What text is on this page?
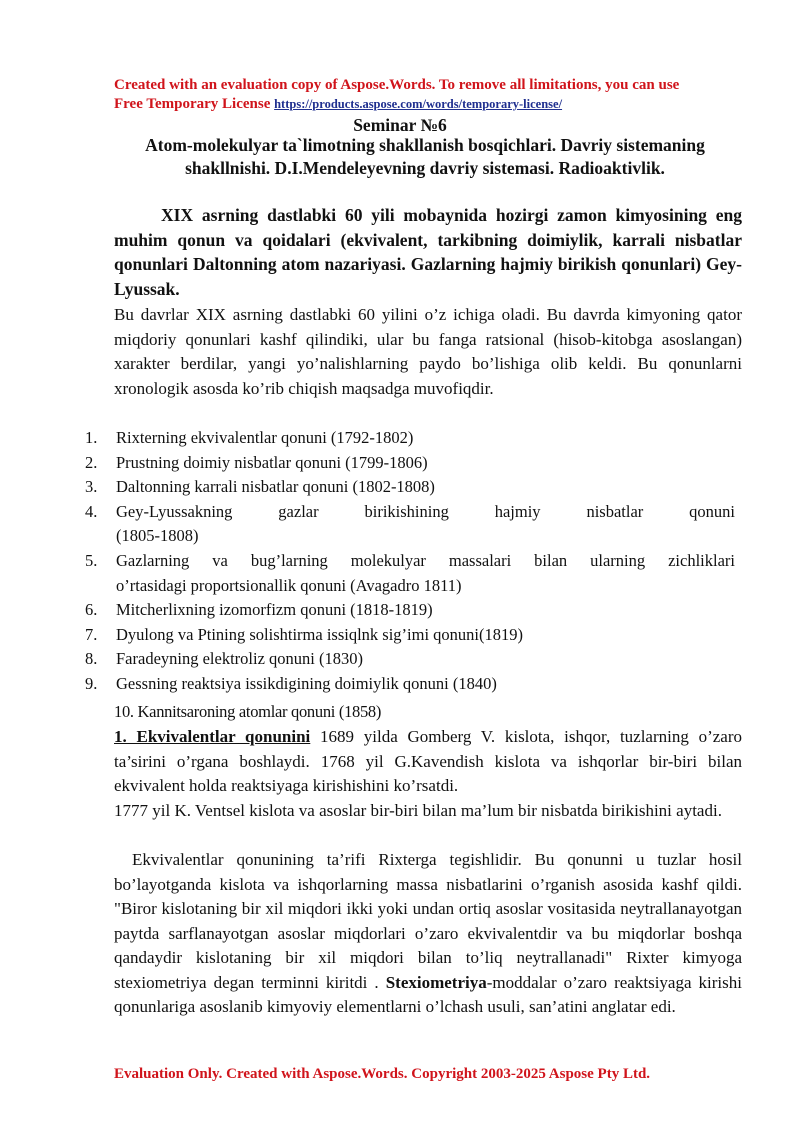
Created with an evaluation copy of Aspose.Words. To remove all limitations, you can use
Free Temporary License https://products.aspose.com/words/temporary-license/
Seminar №6
Atom-molekulyar ta`limotning shakllanish bosqichlari. Davriy sistemaning
shakllnishi. D.I.Mendeleyevning davriy sistemasi. Radioaktivlik.
XIX asrning dastlabki 60 yili mobaynida hozirgi zamon kimyosining eng muhim qonun va qoidalari (ekvivalent, tarkibning doimiylik, karrali nisbatlar qonunlari Daltonning atom nazariyasi. Gazlarning hajmiy birikish qonunlari) Gey-Lyussak.
Bu davrlar XIX asrning dastlabki 60 yilini o’z ichiga oladi. Bu davrda kimyoning qator miqdoriy qonunlari kashf qilindiki, ular bu fanga ratsional (hisob-kitobga asoslangan) xarakter berdilar, yangi yo’nalishlarning paydo bo’lishiga olib keldi. Bu qonunlarni xronologik asosda ko’rib chiqish maqsadga muvofiqdir.
1.	Rixterning ekvivalentlar qonuni (1792-1802)
2.	Prustning doimiy nisbatlar qonuni (1799-1806)
3.	Daltonning karrali nisbatlar qonuni (1802-1808)
4.	Gey-Lyussakning gazlar birikishining hajmiy nisbatlar qonuni
(1805-1808)
5.	Gazlarning va bug’larning molekulyar massalari bilan ularning zichliklari
o’rtasidagi proportsionallik qonuni (Avagadro 1811)
6.	Mitcherlixning izomorfizm qonuni (1818-1819)
7.	Dyulong va Ptining solishtirma issiqlnk sig’imi qonuni(1819)
8.	Faradeyning elektroliz qonuni (1830)
9.	Gessning reaktsiya issikdigining doimiylik qonuni (1840)
10. Kannitsaroning atomlar qonuni (1858)
1. Ekvivalentlar qonunini 1689 yilda Gomberg V. kislota, ishqor, tuzlarning o’zaro ta’sirini o’rgana boshlaydi. 1768 yil G.Kavendish kislota va ishqorlar bir-biri bilan ekvivalent holda reaktsiyaga kirishishini ko’rsatdi.
1777 yil K. Ventsel kislota va asoslar bir-biri bilan ma’lum bir nisbatda birikishini aytadi.
Ekvivalentlar qonunining ta’rifi Rixterga tegishlidir. Bu qonunni u tuzlar hosil bo’layotganda kislota va ishqorlarning massa nisbatlarini o’rganish asosida kashf qildi. "Biror kislotaning bir xil miqdori ikki yoki undan ortiq asoslar vositasida neytrallanayotgan paytda sarflanayotgan asoslar miqdorlari o’zaro ekvivalentdir va bu miqdorlar boshqa qandaydir kislotaning bir xil miqdori bilan to’liq neytrallanadi" Rixter kimyoga stexiometriya degan terminni kiritdi . Stexiometriya-moddalar o’zaro reaktsiyaga kirishi qonunlariga asoslanib kimyoviy elementlarni o’lchash usuli, san’atini anglatar edi.
Evaluation Only. Created with Aspose.Words. Copyright 2003-2025 Aspose Pty Ltd.
